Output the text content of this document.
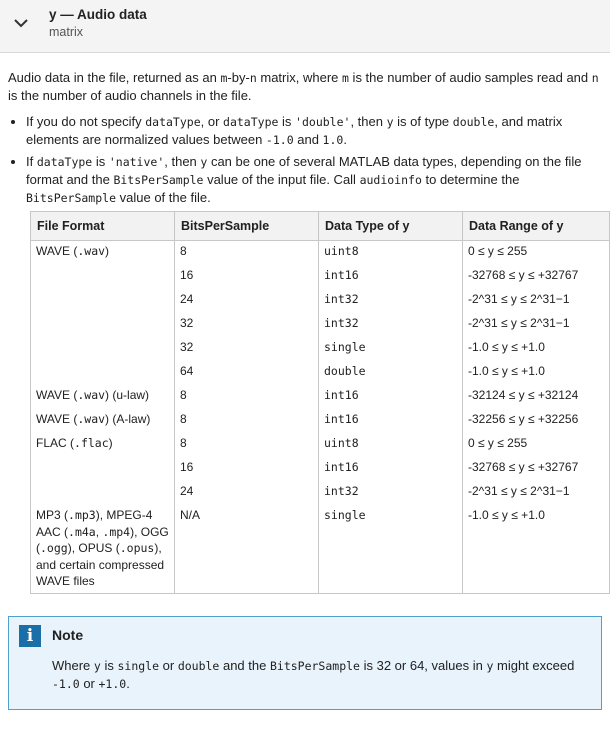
y — Audio data
matrix

Audio data in the file, returned as an m-by-n matrix, where m is the number of audio samples read and n is the number of audio channels in the file.

• If you do not specify dataType, or dataType is 'double', then y is of type double, and matrix elements are normalized values between -1.0 and 1.0.
• If dataType is 'native', then y can be one of several MATLAB data types, depending on the file format and the BitsPerSample value of the input file. Call audioinfo to determine the BitsPerSample value of the file.
File Format	BitsPerSample	Data Type of y	Data Range of y
WAVE (.wav)	8	uint8	0 ≤ y ≤ 255
	16	int16	-32768 ≤ y ≤ +32767
	24	int32	-2^31 ≤ y ≤ 2^31−1
	32	int32	-2^31 ≤ y ≤ 2^31−1
	32	single	-1.0 ≤ y ≤ +1.0
	64	double	-1.0 ≤ y ≤ +1.0
WAVE (.wav) (u-law)	8	int16	-32124 ≤ y ≤ +32124
WAVE (.wav) (A-law)	8	int16	-32256 ≤ y ≤ +32256
FLAC (.flac)	8	uint8	0 ≤ y ≤ 255
	16	int16	-32768 ≤ y ≤ +32767
	24	int32	-2^31 ≤ y ≤ 2^31−1
MP3 (.mp3), MPEG-4 AAC (.m4a, .mp4), OGG (.ogg), OPUS (.opus), and certain compressed WAVE files	N/A	single	-1.0 ≤ y ≤ +1.0
i	Note
Where y is single or double and the BitsPerSample is 32 or 64, values in y might exceed -1.0 or +1.0.
